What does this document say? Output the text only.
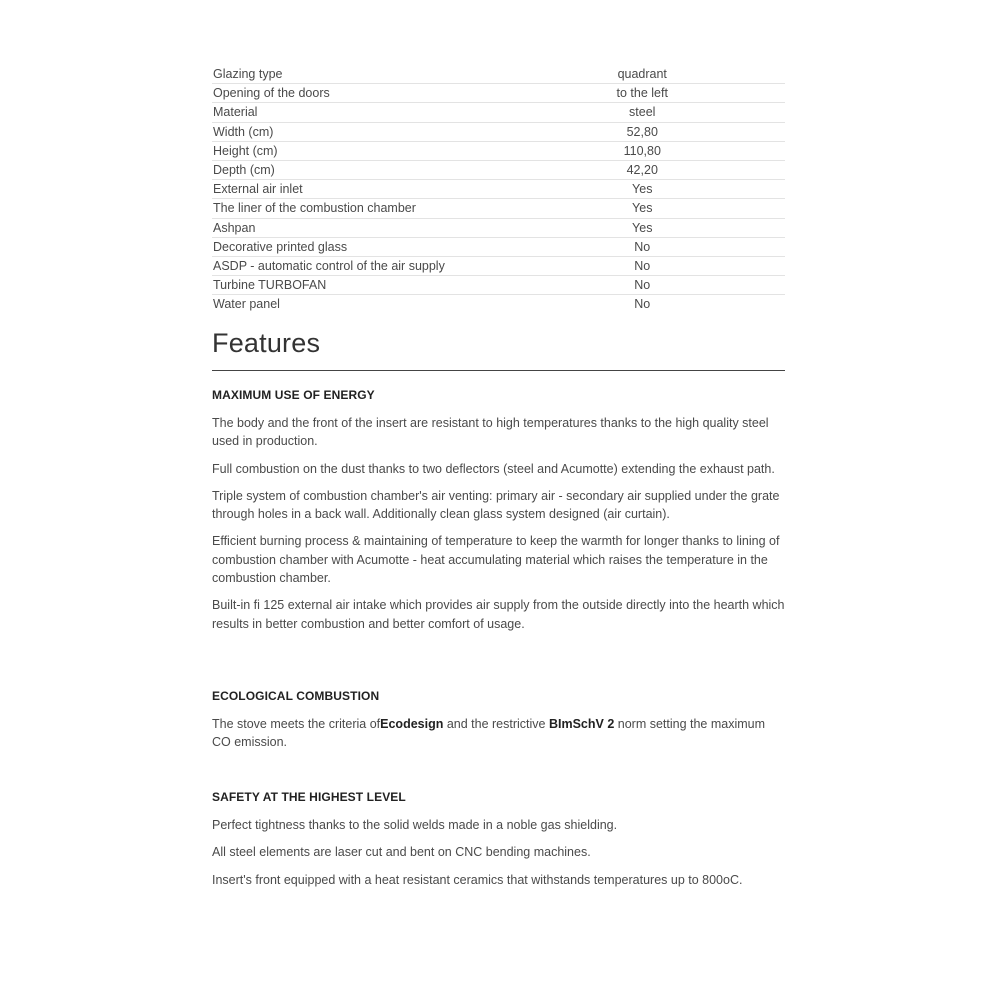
Glazing type	quadrant	
Opening of the doors	to the left	
Material	steel	
Width (cm)	52,80	
Height (cm)	110,80	
Depth (cm)	42,20	
External air inlet	Yes	
The liner of the combustion chamber	Yes	
Ashpan	Yes	
Decorative printed glass	No	
ASDP - automatic control of the air supply	No	
Turbine TURBOFAN	No	
Water panel	No	
Features
MAXIMUM USE OF ENERGY

The body and the front of the insert are resistant to high temperatures thanks to the high quality steel used in production.

Full combustion on the dust thanks to two deflectors (steel and Acumotte) extending the exhaust path.

Triple system of combustion chamber's air venting: primary air - secondary air supplied under the grate through holes in a back wall. Additionally clean glass system designed (air curtain).

Efficient burning process & maintaining of temperature to keep the warmth for longer thanks to lining of combustion chamber with Acumotte - heat accumulating material which raises the temperature in the combustion chamber.

Built-in fi 125 external air intake which provides air supply from the outside directly into the hearth which results in better combustion and better comfort of usage.

ECOLOGICAL COMBUSTION

The stove meets the criteria ofEcodesign and the restrictive BImSchV 2 norm setting the maximum CO emission.

SAFETY AT THE HIGHEST LEVEL

Perfect tightness thanks to the solid welds made in a noble gas shielding.

All steel elements are laser cut and bent on CNC bending machines.

Insert's front equipped with a heat resistant ceramics that withstands temperatures up to 800oC.
